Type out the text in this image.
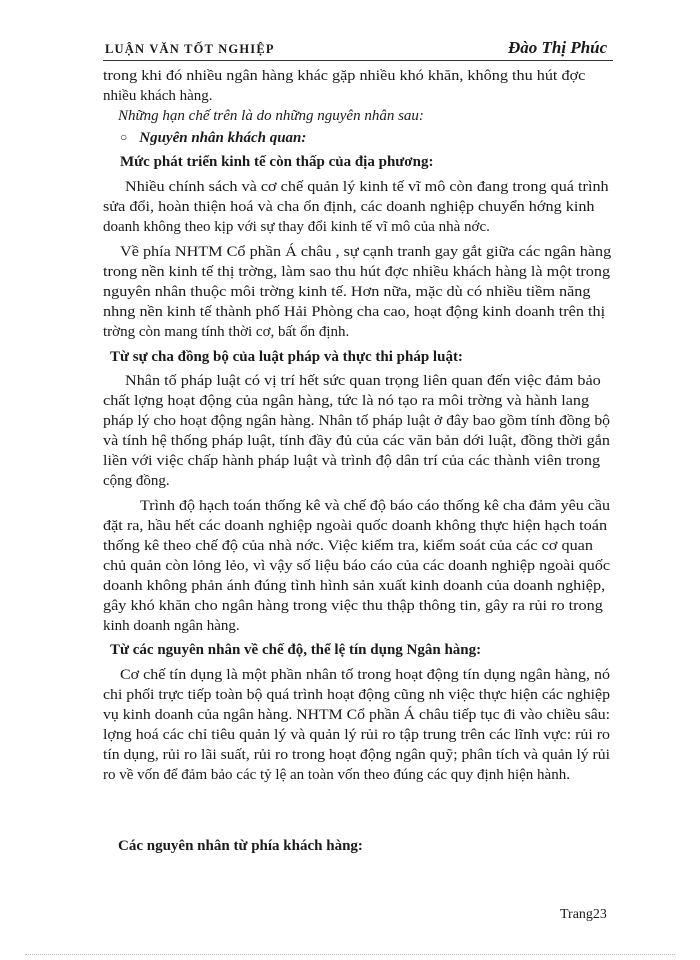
LUẬN VĂN TỐT NGHIỆP	Đào Thị Phúc
trong khi đó nhiều ngân hàng khác gặp nhiều khó khăn, không thu hút đợc
nhiều khách hàng.
Những hạn chế trên là do những nguyên nhân sau:
○ Nguyên nhân khách quan:
Mức phát triển kinh tế còn thấp của địa phương:
Nhiều chính sách và cơ chế quản lý kinh tế vĩ mô còn đang trong quá trình
sửa đổi, hoàn thiện hoá và cha ổn định, các doanh nghiệp chuyển hớng kinh
doanh không theo kịp với sự thay đổi kinh tế vĩ mô của nhà nớc.
Về phía NHTM Cổ phần Á châu , sự cạnh tranh gay gắt giữa các ngân hàng
trong nền kinh tế thị trờng, làm sao thu hút đợc nhiều khách hàng là một trong
nguyên nhân thuộc môi trờng kinh tế. Hơn nữa, mặc dù có nhiều tiềm năng
nhng nền kinh tế thành phố Hải Phòng cha cao, hoạt động kinh doanh trên thị
trờng còn mang tính thời cơ, bất ổn định.
Từ sự cha đồng bộ của luật pháp và thực thi pháp luật:
Nhân tố pháp luật có vị trí hết sức quan trọng liên quan đến việc đảm bảo
chất lợng hoạt động của ngân hàng, tức là nó tạo ra môi trờng và hành lang
pháp lý cho hoạt động ngân hàng. Nhân tố pháp luật ở đây bao gồm tính đồng bộ
và tính hệ thống pháp luật, tính đầy đủ của các văn bản dới luật, đồng thời gắn
liền với việc chấp hành pháp luật và trình độ dân trí của các thành viên trong
cộng đồng.
Trình độ hạch toán thống kê và chế độ báo cáo thống kê cha đảm yêu cầu
đặt ra, hầu hết các doanh nghiệp ngoài quốc doanh không thực hiện hạch toán
thống kê theo chế độ của nhà nớc. Việc kiểm tra, kiểm soát của các cơ quan
chủ quản còn lỏng lẻo, vì vậy số liệu báo cáo của các doanh nghiệp ngoài quốc
doanh không phản ánh đúng tình hình sản xuất kinh doanh của doanh nghiệp,
gây khó khăn cho ngân hàng trong việc thu thập thông tin, gây ra rủi ro trong
kinh doanh ngân hàng.
Từ các nguyên nhân về chế độ, thể lệ tín dụng Ngân hàng:
Cơ chế tín dụng là một phần nhân tố trong hoạt động tín dụng ngân hàng, nó
chi phối trực tiếp toàn bộ quá trình hoạt động cũng nh việc thực hiện các nghiệp
vụ kinh doanh của ngân hàng. NHTM Cổ phần Á châu tiếp tục đi vào chiều sâu:
lợng hoá các chỉ tiêu quản lý và quản lý rủi ro tập trung trên các lĩnh vực: rủi ro
tín dụng, rủi ro lãi suất, rủi ro trong hoạt động ngân quỹ; phân tích và quản lý rủi
ro về vốn để đảm bảo các tỷ lệ an toàn vốn theo đúng các quy định hiện hành.
Các nguyên nhân từ phía khách hàng:
Trang23
